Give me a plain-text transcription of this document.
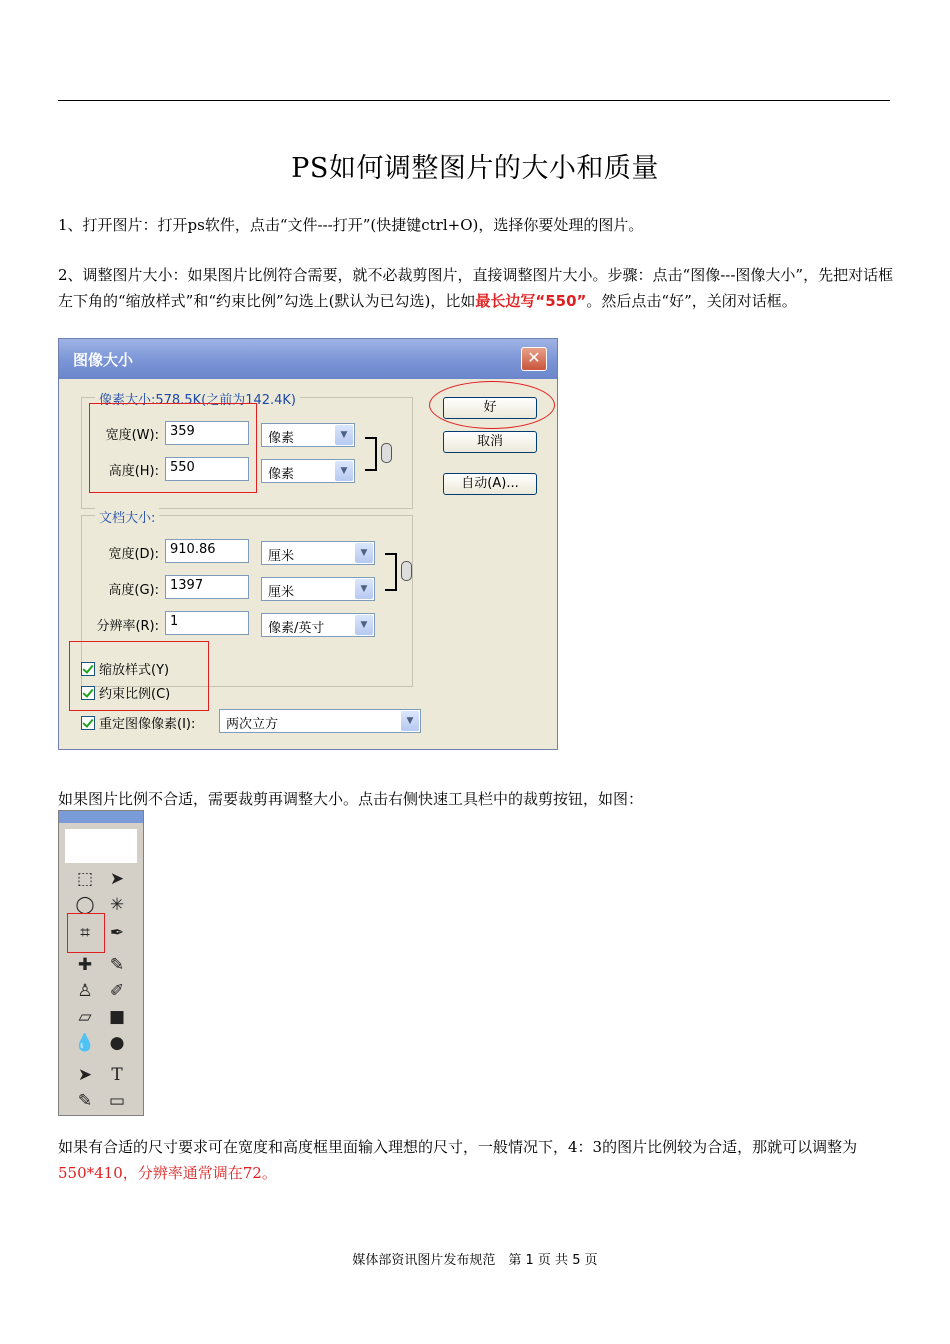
PS如何调整图片的大小和质量
1、打开图片：打开ps软件，点击“文件---打开”(快捷键ctrl+O)，选择你要处理的图片。
2、调整图片大小：如果图片比例符合需要，就不必裁剪图片，直接调整图片大小。步骤：点击“图像---图像大小”，先把对话框左下角的“缩放样式”和“约束比例”勾选上(默认为已勾选)，比如最长边写“550”。然后点击“好”，关闭对话框。
图像大小	✕
像素大小:578.5K(之前为142.4K)
宽度(W): 359	像素	▼
高度(H): 550	像素	▼
好
取消
自动(A)...
文档大小:
宽度(D): 910.86	厘米	▼
高度(G): 1397	厘米	▼
分辨率(R): 1	像素/英寸	▼
缩放样式(Y)
约束比例(C)
重定图像像素(I):	两次立方	▼
如果图片比例不合适，需要裁剪再调整大小。点击右侧快速工具栏中的裁剪按钮，如图：
⬚ ➤
◯ ✳
⌗	✒
✚ ✎
♙ ✐
▱	■
💧 ●
➤	T
✎ ▭
如果有合适的尺寸要求可在宽度和高度框里面输入理想的尺寸，一般情况下，4：3的图片比例较为合适，那就可以调整为550*410，分辨率通常调在72。
媒体部资讯图片发布规范　第 1 页 共 5 页
